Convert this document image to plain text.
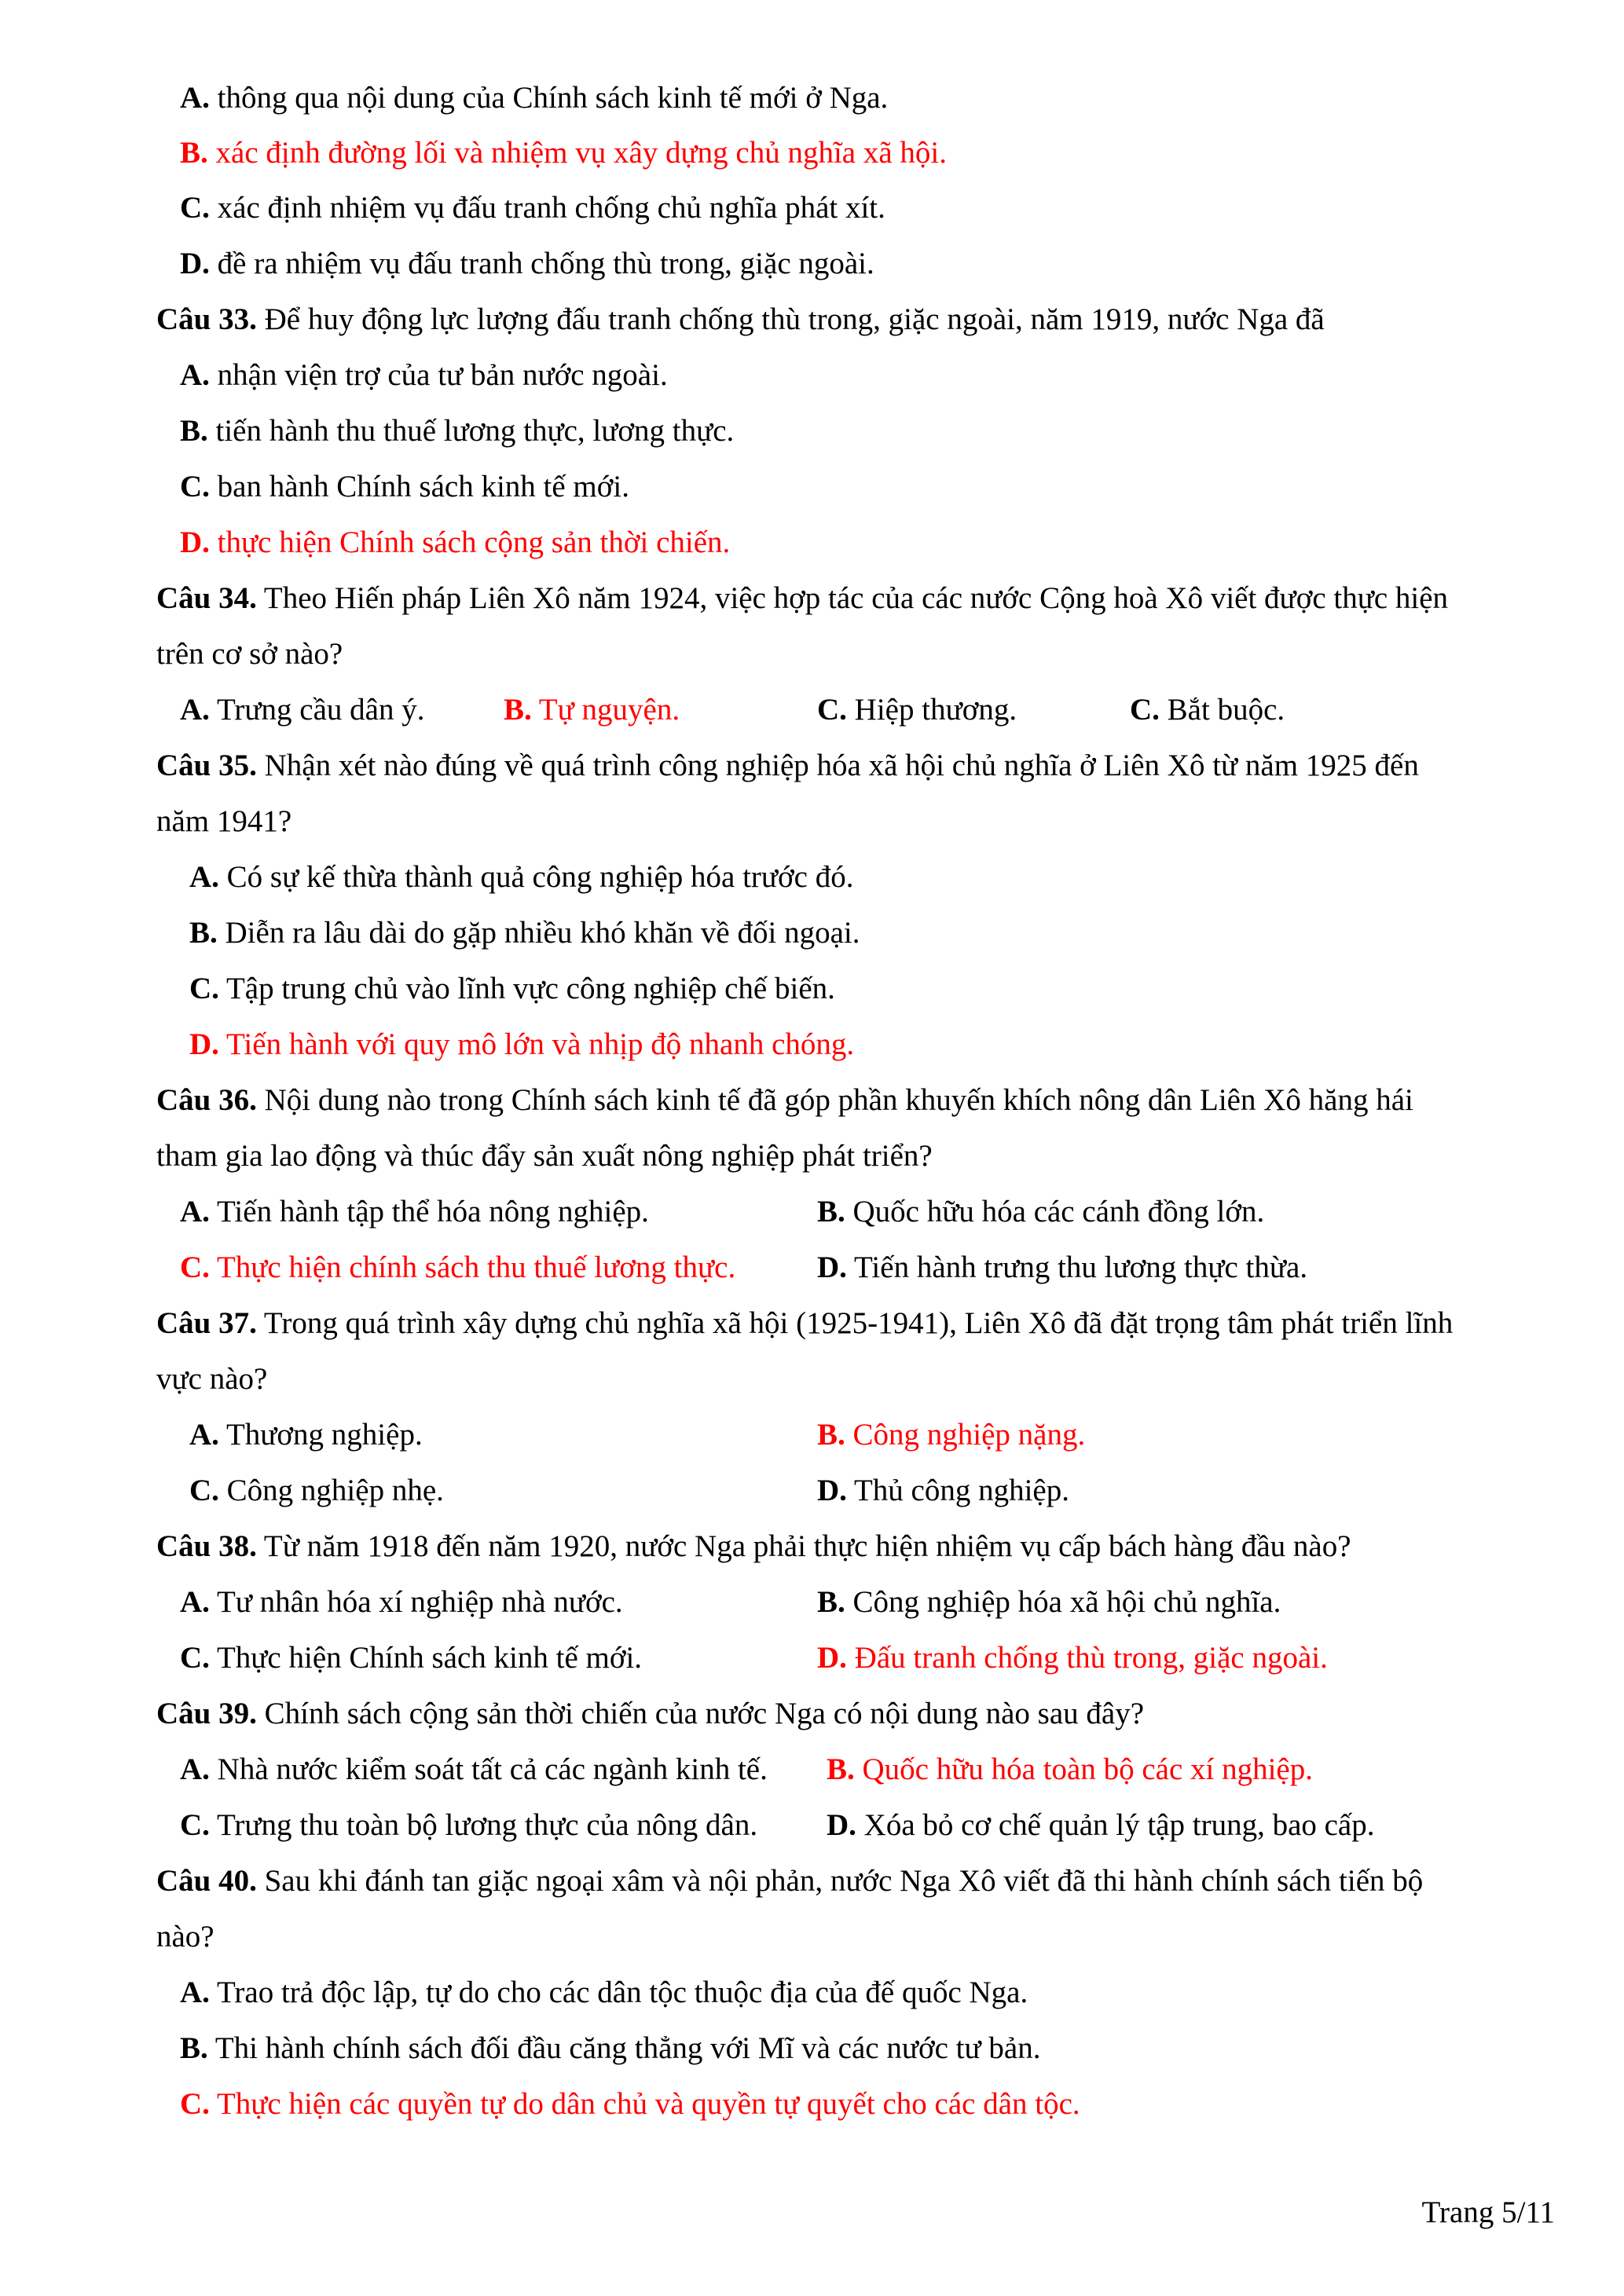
A. thông qua nội dung của Chính sách kinh tế mới ở Nga.
B. xác định đường lối và nhiệm vụ xây dựng chủ nghĩa xã hội.
C. xác định nhiệm vụ đấu tranh chống chủ nghĩa phát xít.
D. đề ra nhiệm vụ đấu tranh chống thù trong, giặc ngoài.
Câu 33. Để huy động lực lượng đấu tranh chống thù trong, giặc ngoài, năm 1919, nước Nga đã
A. nhận viện trợ của tư bản nước ngoài.
B. tiến hành thu thuế lương thực, lương thực.
C. ban hành Chính sách kinh tế mới.
D. thực hiện Chính sách cộng sản thời chiến.
Câu 34. Theo Hiến pháp Liên Xô năm 1924, việc hợp tác của các nước Cộng hoà Xô viết được thực hiện
trên cơ sở nào?
A. Trưng cầu dân ý.	B. Tự nguyện.	C. Hiệp thương.	C. Bắt buộc.
Câu 35. Nhận xét nào đúng về quá trình công nghiệp hóa xã hội chủ nghĩa ở Liên Xô từ năm 1925 đến
năm 1941?
A. Có sự kế thừa thành quả công nghiệp hóa trước đó.
B. Diễn ra lâu dài do gặp nhiều khó khăn về đối ngoại.
C. Tập trung chủ vào lĩnh vực công nghiệp chế biến.
D. Tiến hành với quy mô lớn và nhịp độ nhanh chóng.
Câu 36. Nội dung nào trong Chính sách kinh tế đã góp phần khuyến khích nông dân Liên Xô hăng hái
tham gia lao động và thúc đẩy sản xuất nông nghiệp phát triển?
A. Tiến hành tập thể hóa nông nghiệp.	B. Quốc hữu hóa các cánh đồng lớn.
C. Thực hiện chính sách thu thuế lương thực.	D. Tiến hành trưng thu lương thực thừa.
Câu 37. Trong quá trình xây dựng chủ nghĩa xã hội (1925-1941), Liên Xô đã đặt trọng tâm phát triển lĩnh
vực nào?
A. Thương nghiệp.	B. Công nghiệp nặng.
C. Công nghiệp nhẹ.	D. Thủ công nghiệp.
Câu 38. Từ năm 1918 đến năm 1920, nước Nga phải thực hiện nhiệm vụ cấp bách hàng đầu nào?
A. Tư nhân hóa xí nghiệp nhà nước.	B. Công nghiệp hóa xã hội chủ nghĩa.
C. Thực hiện Chính sách kinh tế mới.	D. Đấu tranh chống thù trong, giặc ngoài.
Câu 39. Chính sách cộng sản thời chiến của nước Nga có nội dung nào sau đây?
A. Nhà nước kiểm soát tất cả các ngành kinh tế. B. Quốc hữu hóa toàn bộ các xí nghiệp.
C. Trưng thu toàn bộ lương thực của nông dân. D. Xóa bỏ cơ chế quản lý tập trung, bao cấp.
Câu 40. Sau khi đánh tan giặc ngoại xâm và nội phản, nước Nga Xô viết đã thi hành chính sách tiến bộ
nào?
A. Trao trả độc lập, tự do cho các dân tộc thuộc địa của đế quốc Nga.
B. Thi hành chính sách đối đầu căng thẳng với Mĩ và các nước tư bản.
C. Thực hiện các quyền tự do dân chủ và quyền tự quyết cho các dân tộc.
Trang 5/11
